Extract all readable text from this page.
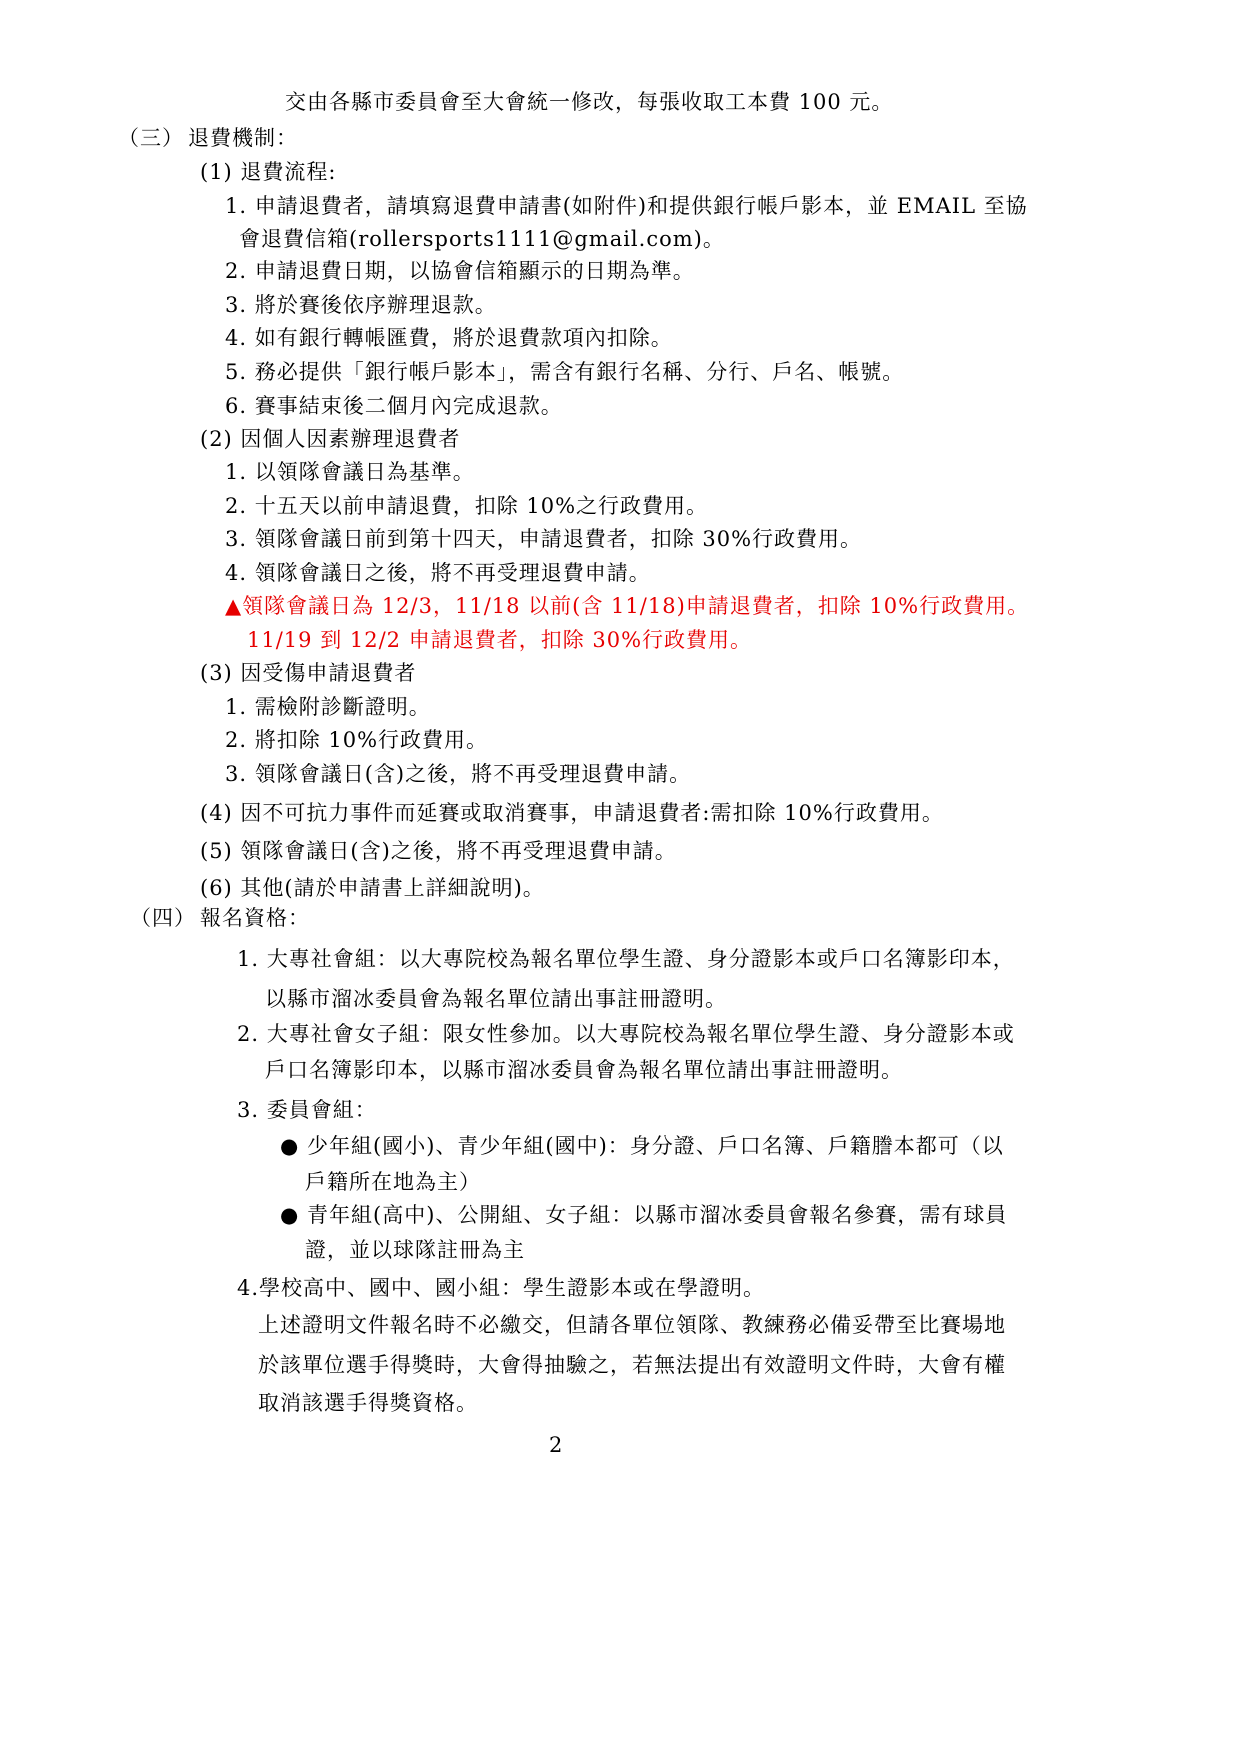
交由各縣市委員會至大會統一修改，每張收取工本費 100 元。
（三） 退費機制：
(1) 退費流程:
1. 申請退費者，請填寫退費申請書(如附件)和提供銀行帳戶影本，並 EMAIL 至協
會退費信箱(rollersports1111@gmail.com)。
2. 申請退費日期，以協會信箱顯示的日期為準。
3. 將於賽後依序辦理退款。
4. 如有銀行轉帳匯費，將於退費款項內扣除。
5. 務必提供「銀行帳戶影本」，需含有銀行名稱、分行、戶名、帳號。
6. 賽事結束後二個月內完成退款。
(2) 因個人因素辦理退費者
1. 以領隊會議日為基準。
2. 十五天以前申請退費，扣除 10%之行政費用。
3. 領隊會議日前到第十四天，申請退費者，扣除 30%行政費用。
4. 領隊會議日之後，將不再受理退費申請。
▲領隊會議日為 12/3，11/18 以前(含 11/18)申請退費者，扣除 10%行政費用。
11/19 到 12/2 申請退費者，扣除 30%行政費用。
(3) 因受傷申請退費者
1. 需檢附診斷證明。
2. 將扣除 10%行政費用。
3. 領隊會議日(含)之後，將不再受理退費申請。
(4) 因不可抗力事件而延賽或取消賽事，申請退費者:需扣除 10%行政費用。
(5) 領隊會議日(含)之後，將不再受理退費申請。
(6) 其他(請於申請書上詳細說明)。
（四） 報名資格：
1. 大專社會組：以大專院校為報名單位學生證、身分證影本或戶口名簿影印本，
以縣市溜冰委員會為報名單位請出事註冊證明。
2. 大專社會女子組：限女性參加。以大專院校為報名單位學生證、身分證影本或
戶口名簿影印本，以縣市溜冰委員會為報名單位請出事註冊證明。
3. 委員會組：
● 少年組(國小)、青少年組(國中)：身分證、戶口名簿、戶籍謄本都可（以
戶籍所在地為主）
● 青年組(高中)、公開組、女子組：以縣市溜冰委員會報名參賽，需有球員
證，並以球隊註冊為主
4.學校高中、國中、國小組：學生證影本或在學證明。
上述證明文件報名時不必繳交，但請各單位領隊、教練務必備妥帶至比賽場地
於該單位選手得獎時，大會得抽驗之，若無法提出有效證明文件時，大會有權
取消該選手得獎資格。
2
